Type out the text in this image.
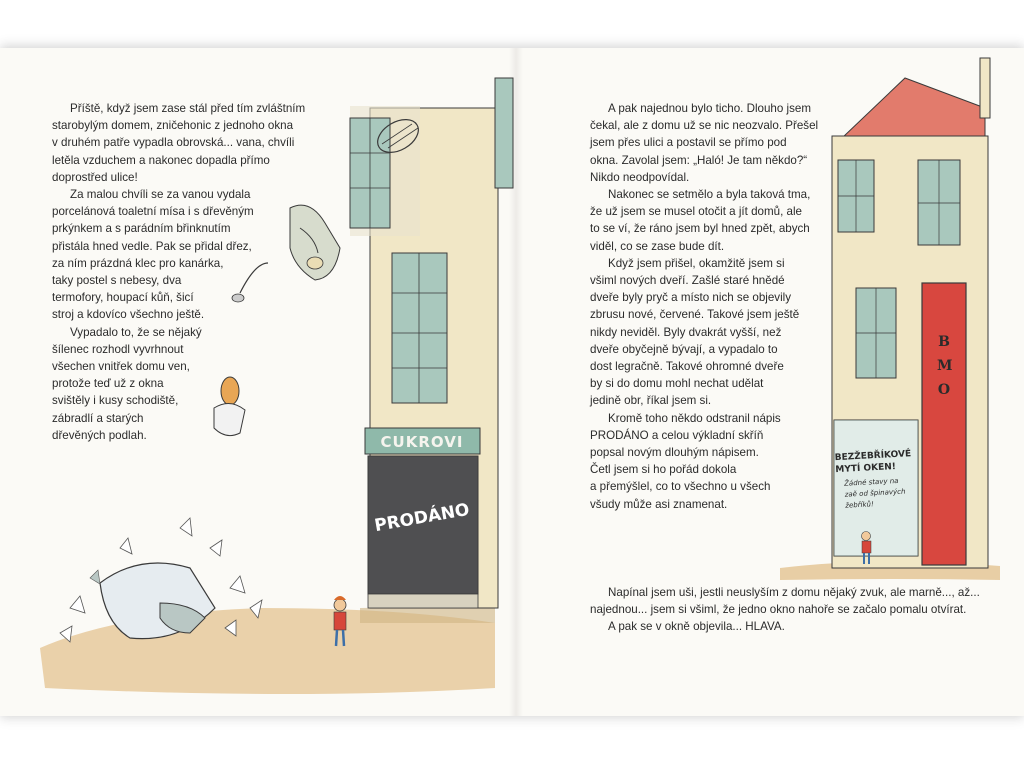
CUKROVI
PRODÁNO
BMO
BEZŽEBŘÍKOVÉ
MYTÍ OKEN!
Žádné stavy na
zaě od špinavých
žebříků!

Příště, když jsem zase stál před tím zvláštním
starobylým domem, zničehonic z jednoho okna
v druhém patře vypadla obrovská... vana, chvíli
letěla vzduchem a nakonec dopadla přímo
doprostřed ulice!

Za malou chvíli se za vanou vydala
porcelánová toaletní mísa i s dřevěným
prkýnkem a s parádním břinknutím
přistála hned vedle. Pak se přidal dřez,
za ním prázdná klec pro kanárka,
taky postel s nebesy, dva
termofory, houpací kůň, šicí
stroj a kdovíco všechno ještě.

Vypadalo to, že se nějaký
šílenec rozhodl vyvrhnout
všechen vnitřek domu ven,
protože teď už z okna
svištěly i kusy schodiště,
zábradlí a starých
dřevěných podlah.

A pak najednou bylo ticho. Dlouho jsem
čekal, ale z domu už se nic neozvalo. Přešel
jsem přes ulici a postavil se přímo pod
okna. Zavolal jsem: „Haló! Je tam někdo?“
Nikdo neodpovídal.

Nakonec se setmělo a byla taková tma,
že už jsem se musel otočit a jít domů, ale
to se ví, že ráno jsem byl hned zpět, abych
viděl, co se zase bude dít.

Když jsem přišel, okamžitě jsem si
všiml nových dveří. Zašlé staré hnědé
dveře byly pryč a místo nich se objevily
zbrusu nové, červené. Takové jsem ještě
nikdy neviděl. Byly dvakrát vyšší, než
dveře obyčejně bývají, a vypadalo to
dost legračně. Takové ohromné dveře
by si do domu mohl nechat udělat
jedině obr, říkal jsem si.

Kromě toho někdo odstranil nápis
PRODÁNO a celou výkladní skříň
popsal novým dlouhým nápisem.
Četl jsem si ho pořád dokola
a přemýšlel, co to všechno u všech
všudy může asi znamenat.

Napínal jsem uši, jestli neuslyším z domu nějaký zvuk, ale marně..., až...
najednou... jsem si všiml, že jedno okno nahoře se začalo pomalu otvírat.

A pak se v okně objevila... HLAVA.
